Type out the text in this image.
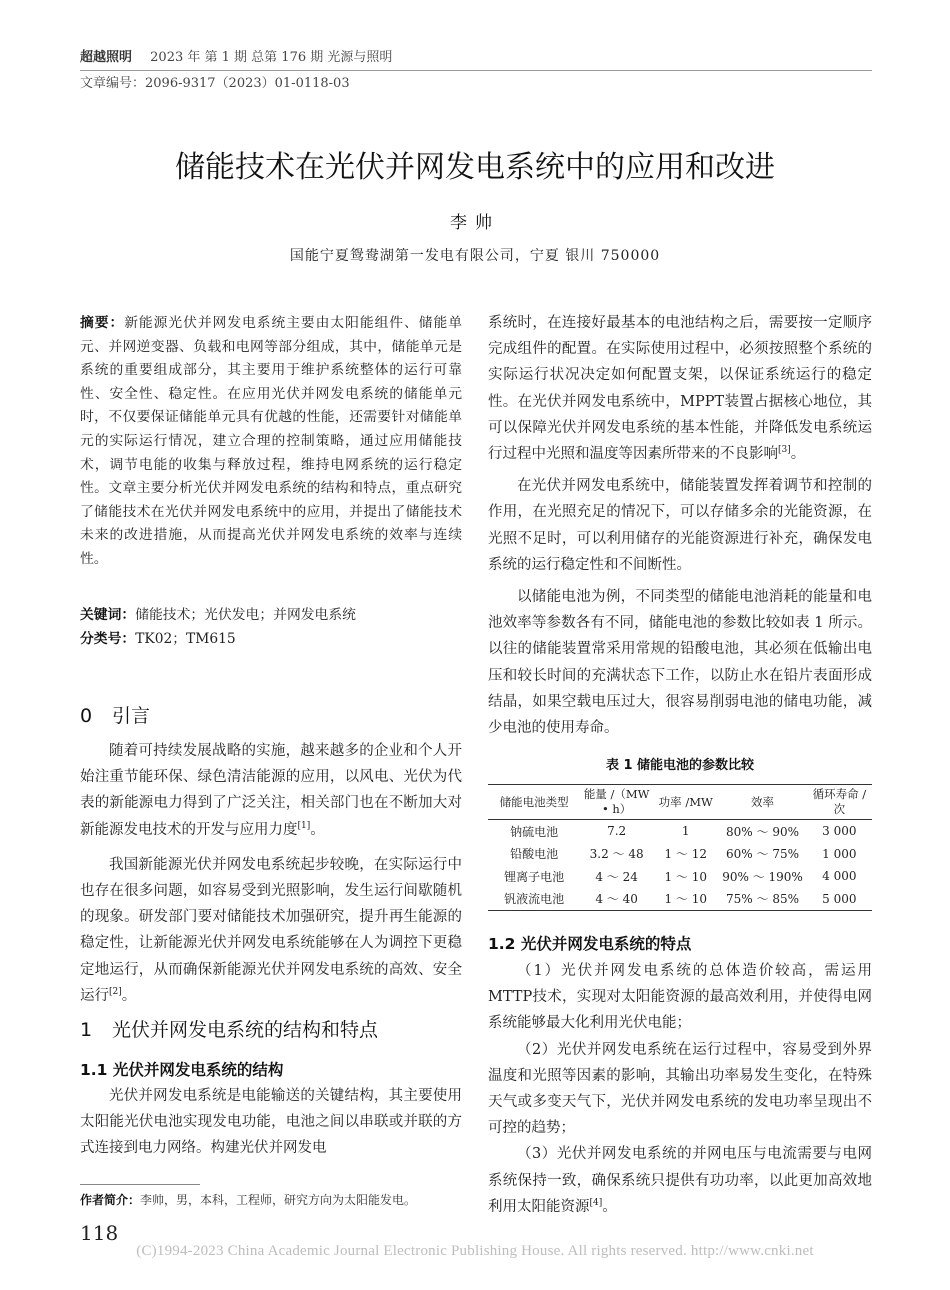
超越照明 2023 年 第 1 期 总第 176 期 光源与照明
文章编号：2096-9317（2023）01-0118-03
储能技术在光伏并网发电系统中的应用和改进
李帅
国能宁夏鸳鸯湖第一发电有限公司，宁夏 银川 750000
摘要：新能源光伏并网发电系统主要由太阳能组件、储能单元、并网逆变器、负载和电网等部分组成，其中，储能单元是系统的重要组成部分，其主要用于维护系统整体的运行可靠性、安全性、稳定性。在应用光伏并网发电系统的储能单元时，不仅要保证储能单元具有优越的性能，还需要针对储能单元的实际运行情况，建立合理的控制策略，通过应用储能技术，调节电能的收集与释放过程，维持电网系统的运行稳定性。文章主要分析光伏并网发电系统的结构和特点，重点研究了储能技术在光伏并网发电系统中的应用，并提出了储能技术未来的改进措施，从而提高光伏并网发电系统的效率与连续性。
关键词：储能技术；光伏发电；并网发电系统
分类号：TK02；TM615
0 引言

随着可持续发展战略的实施，越来越多的企业和个人开始注重节能环保、绿色清洁能源的应用，以风电、光伏为代表的新能源电力得到了广泛关注，相关部门也在不断加大对新能源发电技术的开发与应用力度[1]。

我国新能源光伏并网发电系统起步较晚，在实际运行中也存在很多问题，如容易受到光照影响，发生运行间歇随机的现象。研发部门要对储能技术加强研究，提升再生能源的稳定性，让新能源光伏并网发电系统能够在人为调控下更稳定地运行，从而确保新能源光伏并网发电系统的高效、安全运行[2]。

1 光伏并网发电系统的结构和特点
1.1 光伏并网发电系统的结构

光伏并网发电系统是电能输送的关键结构，其主要使用太阳能光伏电池实现发电功能，电池之间以串联或并联的方式连接到电力网络。构建光伏并网发电

系统时，在连接好最基本的电池结构之后，需要按一定顺序完成组件的配置。在实际使用过程中，必须按照整个系统的实际运行状况决定如何配置支架，以保证系统运行的稳定性。在光伏并网发电系统中，MPPT装置占据核心地位，其可以保障光伏并网发电系统的基本性能，并降低发电系统运行过程中光照和温度等因素所带来的不良影响[3]。

在光伏并网发电系统中，储能装置发挥着调节和控制的作用，在光照充足的情况下，可以存储多余的光能资源，在光照不足时，可以利用储存的光能资源进行补充，确保发电系统的运行稳定性和不间断性。

以储能电池为例，不同类型的储能电池消耗的能量和电池效率等参数各有不同，储能电池的参数比较如表 1 所示。以往的储能装置常采用常规的铅酸电池，其必须在低输出电压和较长时间的充满状态下工作，以防止水在铅片表面形成结晶，如果空载电压过大，很容易削弱电池的储电功能，减少电池的使用寿命。

表 1 储能电池的参数比较
储能电池类型	能量 /（MW • h）	功率 /MW	效率	循环寿命 / 次
钠硫电池	7.2	1	80% ～ 90%	3 000
铅酸电池	3.2 ～ 48	1 ～ 12	60% ～ 75%	1 000
锂离子电池	4 ～ 24	1 ～ 10	90% ～ 190%	4 000
钒液流电池	4 ～ 40	1 ～ 10	75% ～ 85%	5 000
1.2 光伏并网发电系统的特点

（1）光伏并网发电系统的总体造价较高，需运用MTTP技术，实现对太阳能资源的最高效利用，并使得电网系统能够最大化利用光伏电能；

（2）光伏并网发电系统在运行过程中，容易受到外界温度和光照等因素的影响，其输出功率易发生变化，在特殊天气或多变天气下，光伏并网发电系统的发电功率呈现出不可控的趋势；

（3）光伏并网发电系统的并网电压与电流需要与电网系统保持一致，确保系统只提供有功功率，以此更加高效地利用太阳能资源[4]。

作者简介：李帅，男，本科，工程师，研究方向为太阳能发电。
118
(C)1994-2023 China Academic Journal Electronic Publishing House. All rights reserved. http://www.cnki.net
